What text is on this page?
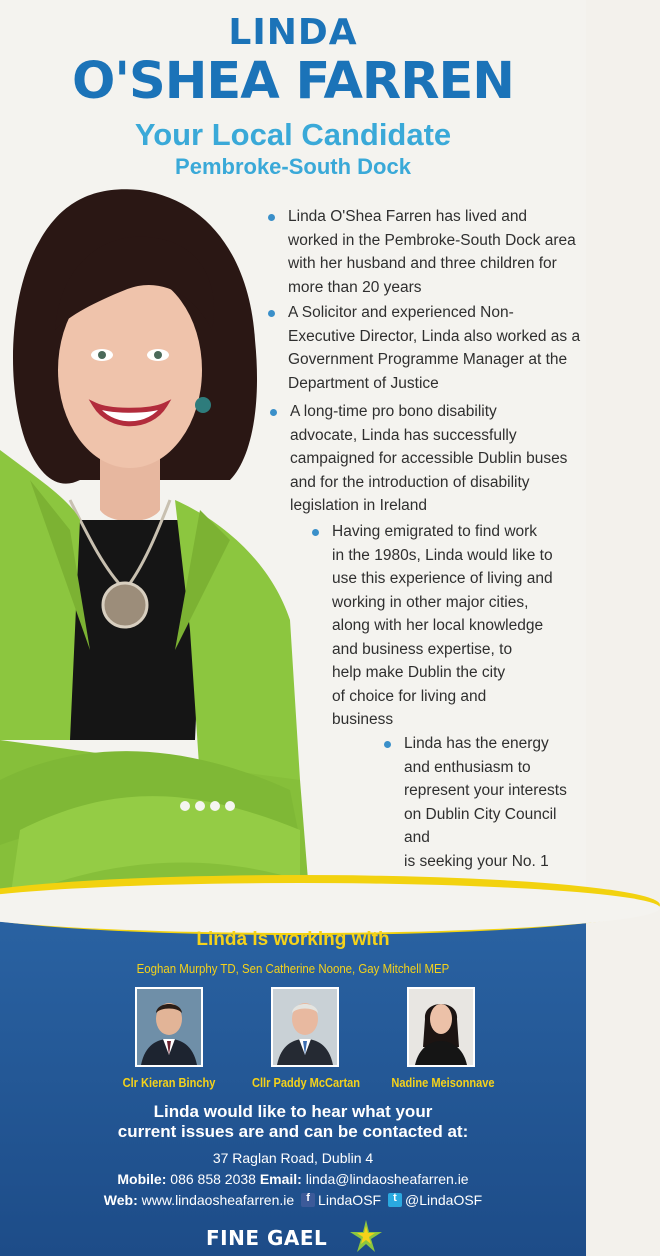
LINDA
O'SHEA FARREN
Your Local Candidate
Pembroke-South Dock
Linda O'Shea Farren has lived and
worked in the Pembroke-South Dock area
with her husband and three children for
more than 20 years
A Solicitor and experienced Non-
Executive Director, Linda also worked as a
Government Programme Manager at the
Department of Justice
A long-time pro bono disability
advocate, Linda has successfully
campaigned for accessible Dublin buses
and for the introduction of disability
legislation in Ireland
Having emigrated to find work
in the 1980s, Linda would like to
use this experience of living and
working in other major cities,
along with her local knowledge
and business expertise, to
help make Dublin the city
of choice for living and
business
Linda has the energy
and enthusiasm to
represent your interests
on Dublin City Council and
is seeking your No. 1

Linda is working with
Eoghan Murphy TD, Sen Catherine Noone, Gay Mitchell MEP
Clr Kieran Binchy	Cllr Paddy McCartan	Nadine Meisonnave
Linda would like to hear what your
current issues are and can be contacted at:
37 Raglan Road, Dublin 4
Mobile: 086 858 2038 Email: linda@lindaosheafarren.ie
Web: www.lindaosheafarren.ie	f LindaOSF	t @LindaOSF
FINE GAEL
